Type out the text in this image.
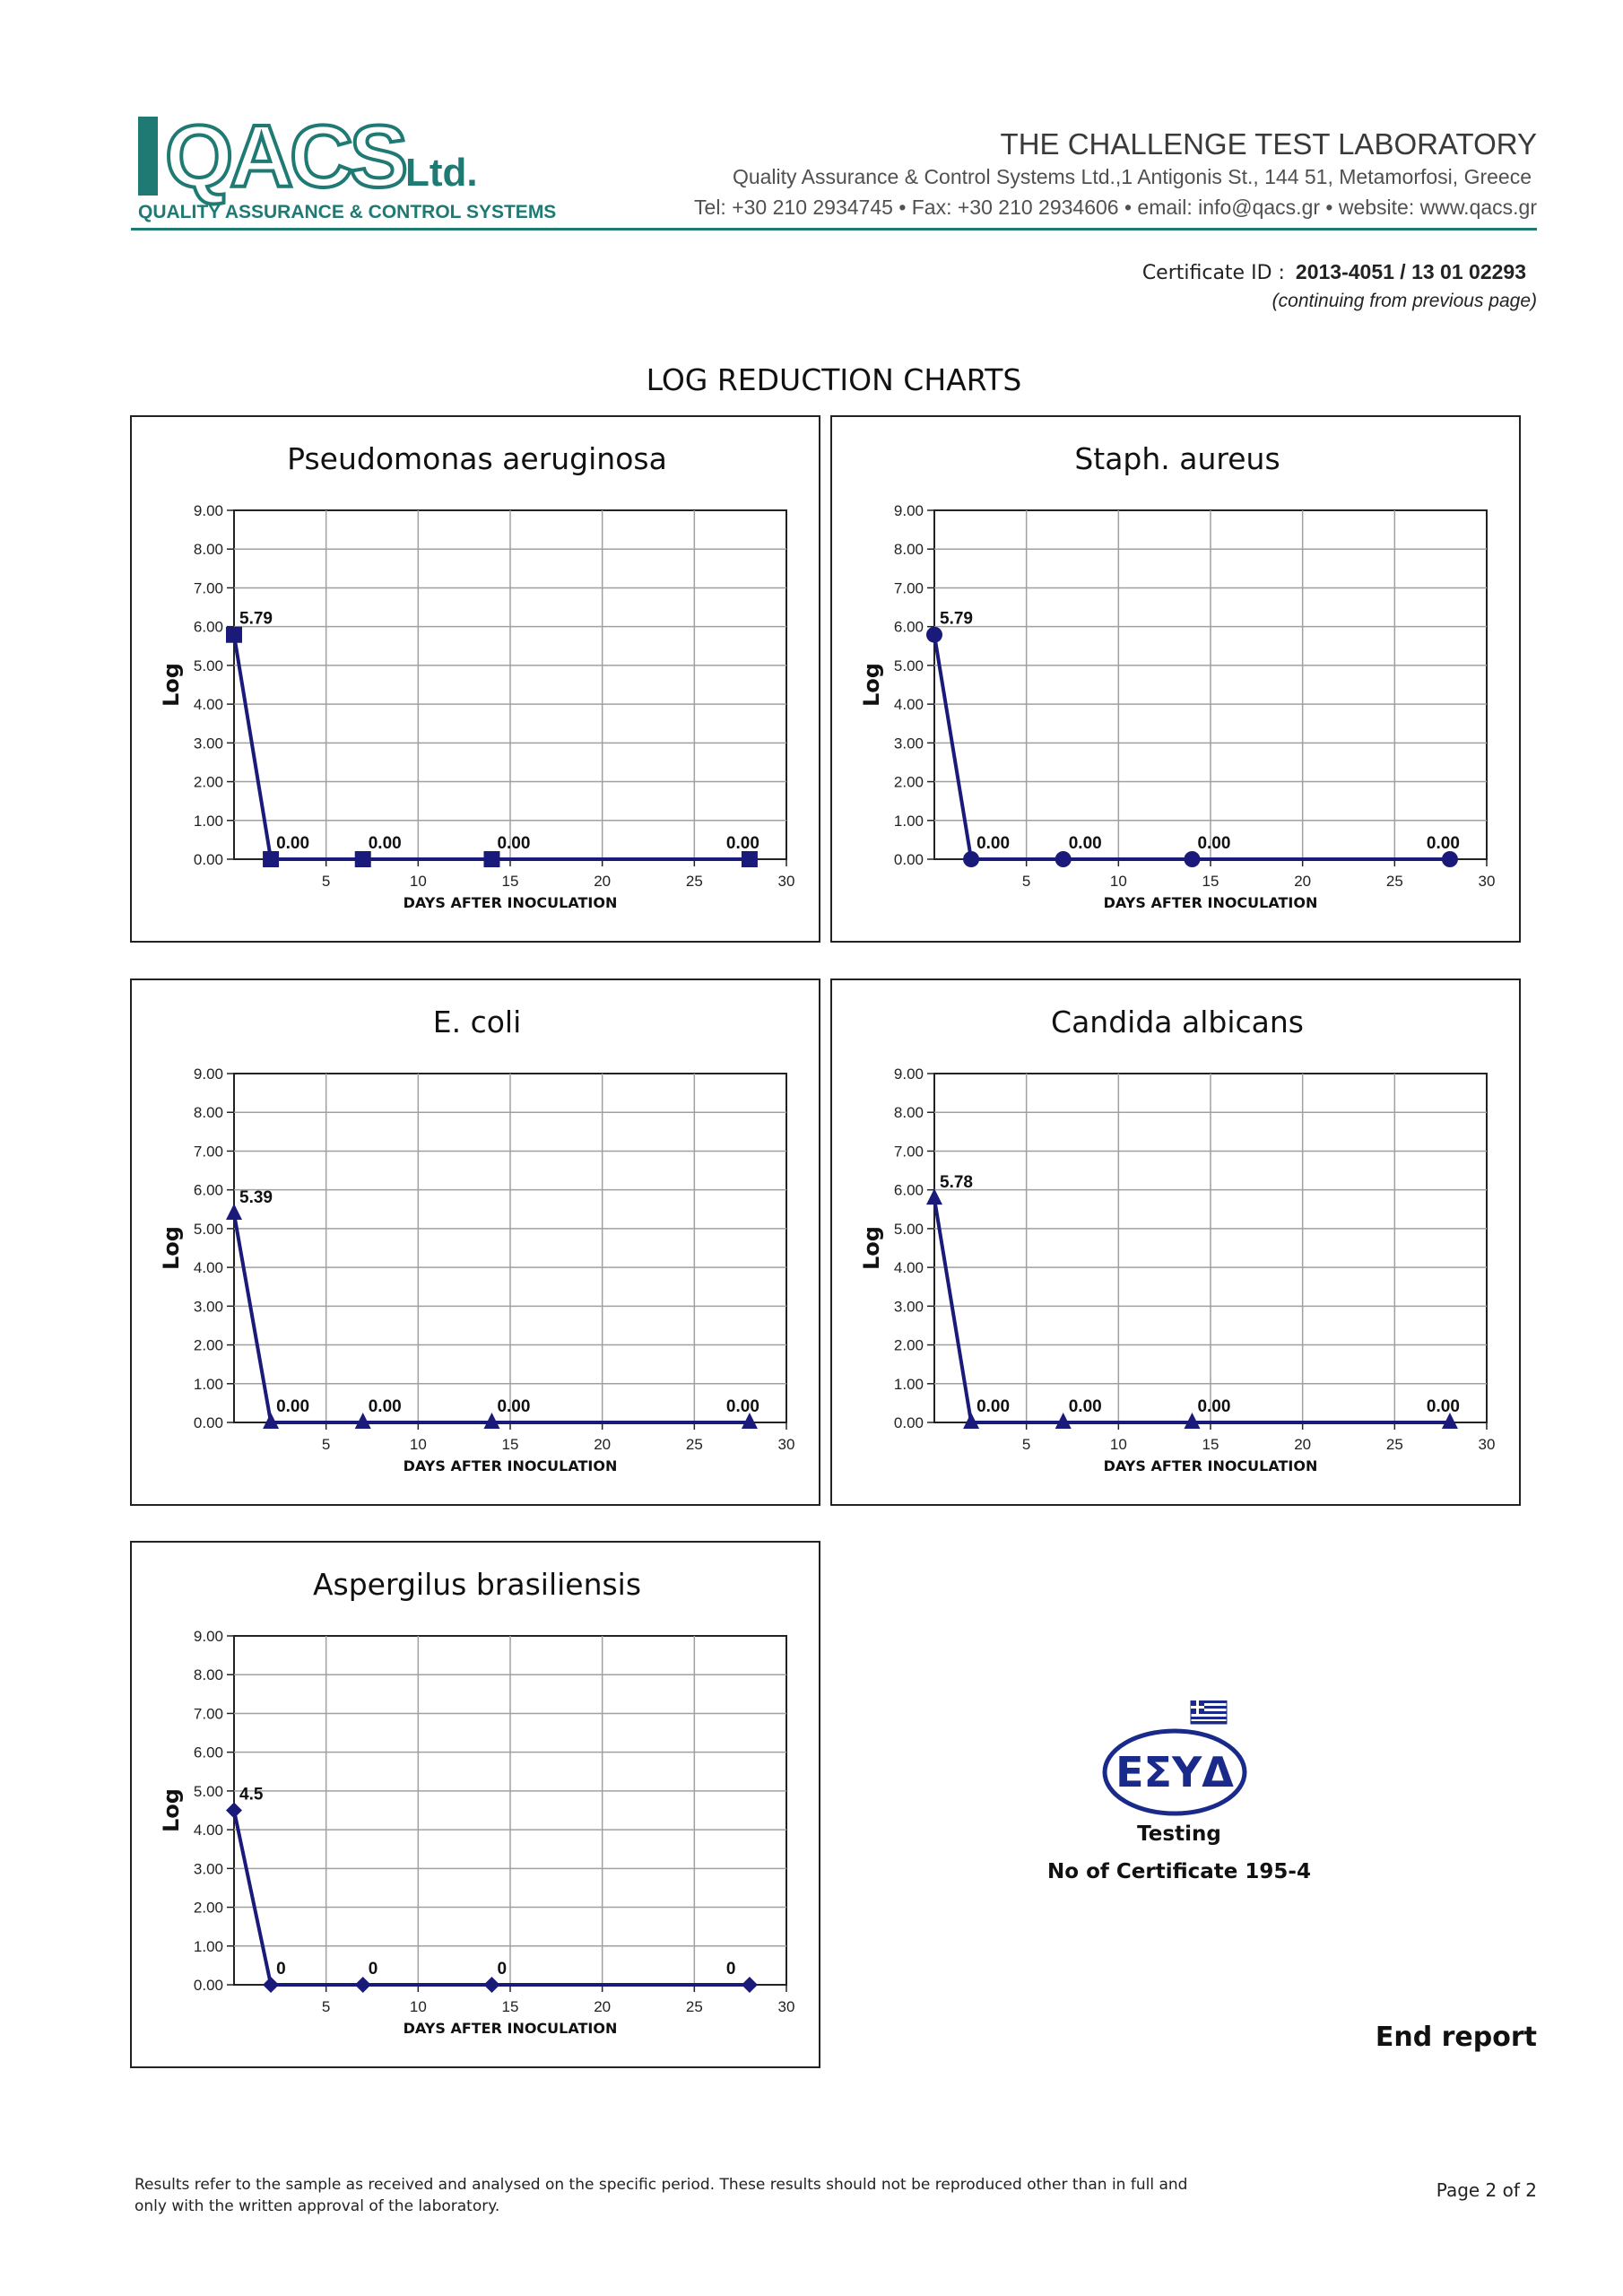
QACS Ltd.
QUALITY ASSURANCE & CONTROL SYSTEMS
THE CHALLENGE TEST LABORATORY
Quality Assurance & Control Systems Ltd.,1 Antigonis St., 144 51, Metamorfosi, Greece
Tel: +30 210 2934745 • Fax: +30 210 2934606 • email: info@qacs.gr • website: www.qacs.gr
Certificate ID : 2013-4051 / 13 01 02293
(continuing from previous page)
LOG REDUCTION CHARTS
Pseudomonas aeruginosa
0.00
1.00
2.00
3.00
4.00
5.00
6.00
7.00
8.00
9.00
5	10	15	20	25	30
DAYS AFTER INOCULATION
Log
5.79
0.00	0.00	0.00	0.00
Staph. aureus
0.00
1.00
2.00
3.00
4.00
5.00
6.00
7.00
8.00
9.00
5	10	15	20	25	30
DAYS AFTER INOCULATION
Log
5.79
0.00	0.00	0.00	0.00
E. coli
0.00
1.00
2.00
3.00
4.00
5.00
6.00
7.00
8.00
9.00
5	10	15	20	25	30
DAYS AFTER INOCULATION
Log
5.39
0.00	0.00	0.00	0.00
Candida albicans
0.00
1.00
2.00
3.00
4.00
5.00
6.00
7.00
8.00
9.00
5	10	15	20	25	30
DAYS AFTER INOCULATION
Log
5.78
0.00	0.00	0.00	0.00
Aspergilus brasiliensis
0.00
1.00
2.00
3.00
4.00
5.00
6.00
7.00
8.00
9.00
5	10	15	20	25	30
DAYS AFTER INOCULATION
Log	4.5
0	0	0	0
ΕΣΥΔ
Testing
No of Certificate 195-4
End report
Results refer to the sample as received and analysed on the specific period. These results should not be reproduced other than in full and only with the written approval of the laboratory.
Page 2 of 2
